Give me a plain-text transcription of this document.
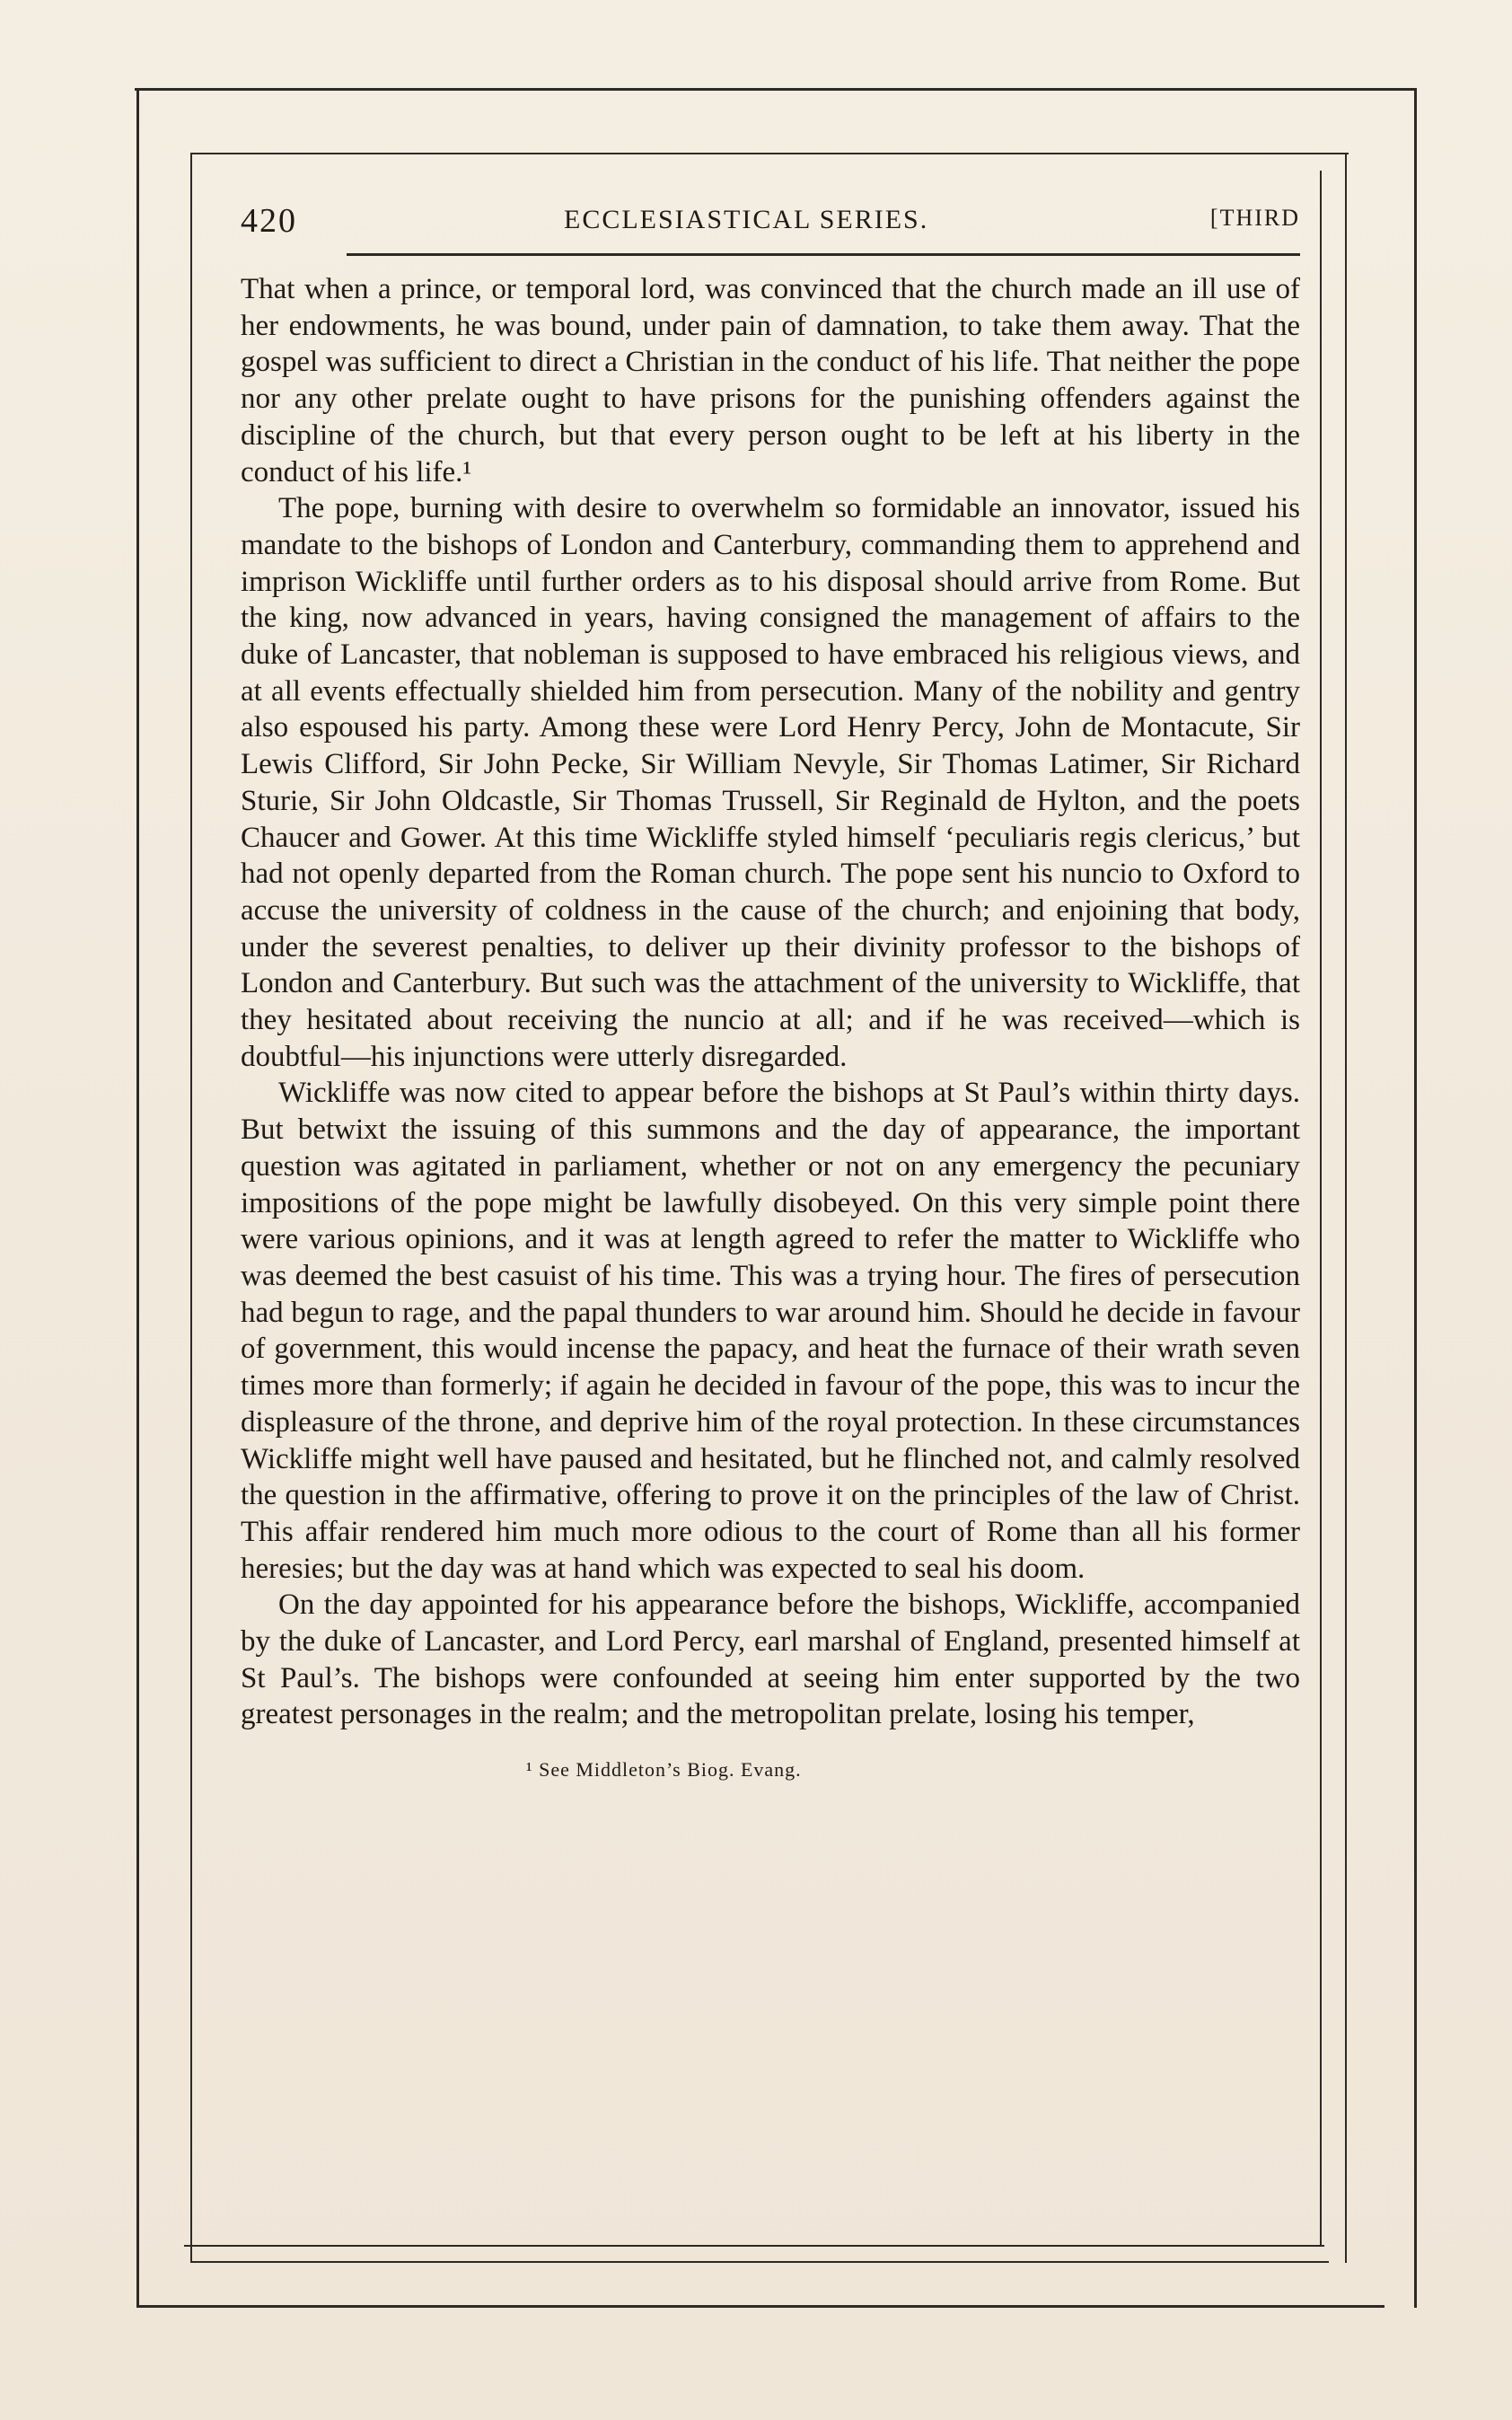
420	ECCLESIASTICAL SERIES.	[THIRD

That when a prince, or temporal lord, was convinced that the church made an ill use of her endowments, he was bound, under pain of damnation, to take them away. That the gospel was sufficient to direct a Christian in the conduct of his life. That neither the pope nor any other prelate ought to have prisons for the punishing offenders against the discipline of the church, but that every person ought to be left at his liberty in the conduct of his life.¹

The pope, burning with desire to overwhelm so formidable an innovator, issued his mandate to the bishops of London and Canterbury, commanding them to apprehend and imprison Wickliffe until further orders as to his disposal should arrive from Rome. But the king, now advanced in years, having consigned the management of affairs to the duke of Lancaster, that nobleman is supposed to have embraced his religious views, and at all events effectually shielded him from persecution. Many of the nobility and gentry also espoused his party. Among these were Lord Henry Percy, John de Montacute, Sir Lewis Clifford, Sir John Pecke, Sir William Nevyle, Sir Thomas Latimer, Sir Richard Sturie, Sir John Oldcastle, Sir Thomas Trussell, Sir Reginald de Hylton, and the poets Chaucer and Gower. At this time Wickliffe styled himself ‘peculiaris regis clericus,’ but had not openly departed from the Roman church. The pope sent his nuncio to Oxford to accuse the university of coldness in the cause of the church; and enjoining that body, under the severest penalties, to deliver up their divinity professor to the bishops of London and Canterbury. But such was the attachment of the university to Wickliffe, that they hesitated about receiving the nuncio at all; and if he was received—which is doubtful—his injunctions were utterly disregarded.

Wickliffe was now cited to appear before the bishops at St Paul’s within thirty days. But betwixt the issuing of this summons and the day of appearance, the important question was agitated in parliament, whether or not on any emergency the pecuniary impositions of the pope might be lawfully disobeyed. On this very simple point there were various opinions, and it was at length agreed to refer the matter to Wickliffe who was deemed the best casuist of his time. This was a trying hour. The fires of persecution had begun to rage, and the papal thunders to war around him. Should he decide in favour of government, this would incense the papacy, and heat the furnace of their wrath seven times more than formerly; if again he decided in favour of the pope, this was to incur the displeasure of the throne, and deprive him of the royal protection. In these circumstances Wickliffe might well have paused and hesitated, but he flinched not, and calmly resolved the question in the affirmative, offering to prove it on the principles of the law of Christ. This affair rendered him much more odious to the court of Rome than all his former heresies; but the day was at hand which was expected to seal his doom.

On the day appointed for his appearance before the bishops, Wickliffe, accompanied by the duke of Lancaster, and Lord Percy, earl marshal of England, presented himself at St Paul’s. The bishops were confounded at seeing him enter supported by the two greatest personages in the realm; and the metropolitan prelate, losing his temper,

¹ See Middleton’s Biog. Evang.
